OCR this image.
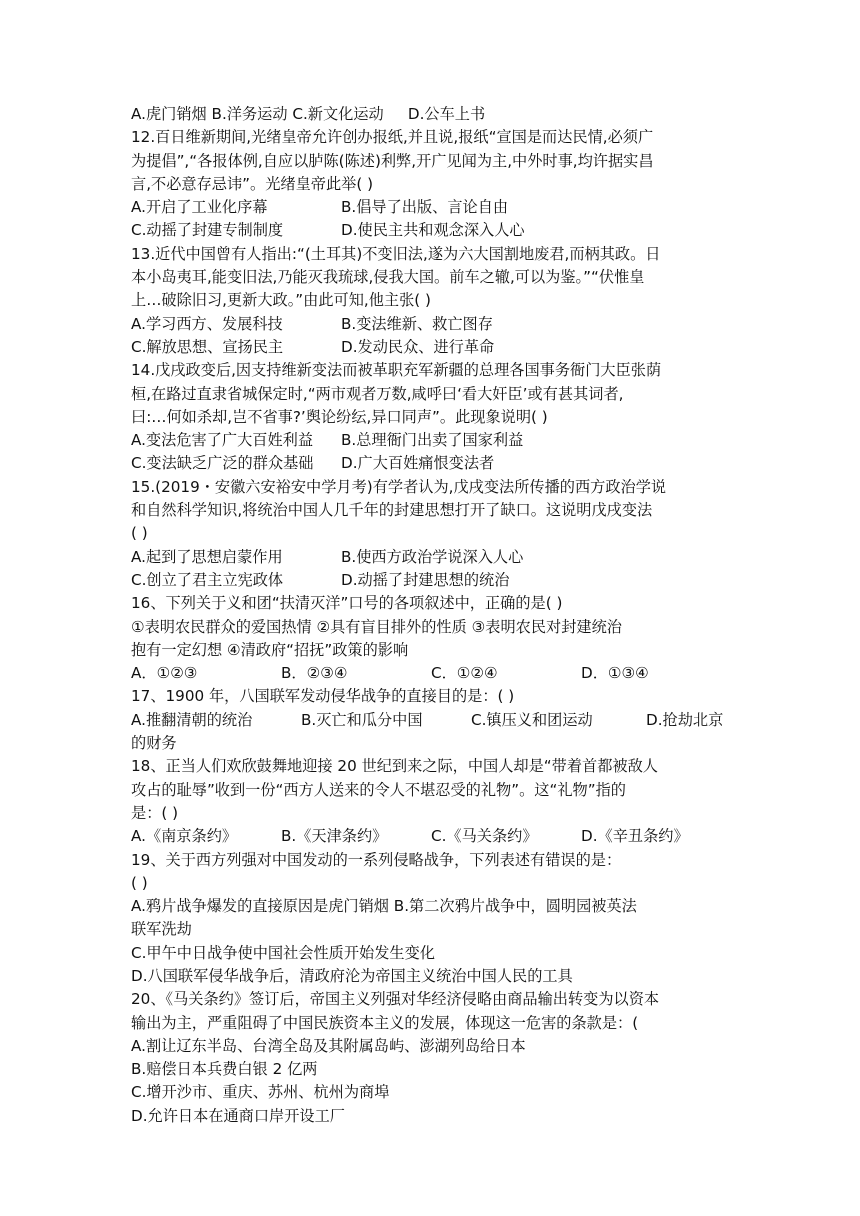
A.虎门销烟 B.洋务运动 C.新文化运动 D.公车上书
12.百日维新期间,光绪皇帝允许创办报纸,并且说,报纸“宣国是而达民情,必须广
为提倡”,“各报体例,自应以胪陈(陈述)利弊,开广见闻为主,中外时事,均许据实昌
言,不必意存忌讳”。光绪皇帝此举( )
A.开启了工业化序幕	B.倡导了出版、言论自由
C.动摇了封建专制制度	D.使民主共和观念深入人心
13.近代中国曾有人指出:“(土耳其)不变旧法,遂为六大国割地废君,而柄其政。日
本小岛夷耳,能变旧法,乃能灭我琉球,侵我大国。前车之辙,可以为鉴。”“伏惟皇
上…破除旧习,更新大政。”由此可知,他主张( )
A.学习西方、发展科技	B.变法维新、救亡图存
C.解放思想、宣扬民主	D.发动民众、进行革命
14.戊戌政变后,因支持维新变法而被革职充军新疆的总理各国事务衙门大臣张荫
桓,在路过直隶省城保定时,“两市观者万数,咸呼曰‘看大奸臣’或有甚其词者,
曰:…何如杀却,岂不省事?’舆论纷纭,异口同声”。此现象说明( )
A.变法危害了广大百姓利益	B.总理衙门出卖了国家利益
C.变法缺乏广泛的群众基础	D.广大百姓痛恨变法者
15.(2019・安徽六安裕安中学月考)有学者认为,戊戌变法所传播的西方政治学说
和自然科学知识,将统治中国人几千年的封建思想打开了缺口。这说明戊戌变法
( )
A.起到了思想启蒙作用	B.使西方政治学说深入人心
C.创立了君主立宪政体	D.动摇了封建思想的统治
16、下列关于义和团“扶清灭洋”口号的各项叙述中，正确的是( )
①表明农民群众的爱国热情 ②具有盲目排外的性质 ③表明农民对封建统治
抱有一定幻想 ④清政府“招抚”政策的影响
A．①②③	B．②③④	C．①②④	D．①③④
17、1900 年，八国联军发动侵华战争的直接目的是：( )
A.推翻清朝的统治	B.灭亡和瓜分中国	C.镇压义和团运动	D.抢劫北京
的财务
18、正当人们欢欣鼓舞地迎接 20 世纪到来之际，中国人却是“带着首都被敌人
攻占的耻辱”收到一份“西方人送来的令人不堪忍受的礼物”。这“礼物”指的
是：( )
A.《南京条约》	B.《天津条约》	C.《马关条约》	D.《辛丑条约》
19、关于西方列强对中国发动的一系列侵略战争，下列表述有错误的是：
( )
A.鸦片战争爆发的直接原因是虎门销烟 B.第二次鸦片战争中，圆明园被英法
联军洗劫
C.甲午中日战争使中国社会性质开始发生变化
D.八国联军侵华战争后，清政府沦为帝国主义统治中国人民的工具
20、《马关条约》签订后，帝国主义列强对华经济侵略由商品输出转变为以资本
输出为主，严重阻碍了中国民族资本主义的发展，体现这一危害的条款是：(
A.割让辽东半岛、台湾全岛及其附属岛屿、澎湖列岛给日本
B.赔偿日本兵费白银 2 亿两
C.增开沙市、重庆、苏州、杭州为商埠
D.允许日本在通商口岸开设工厂
